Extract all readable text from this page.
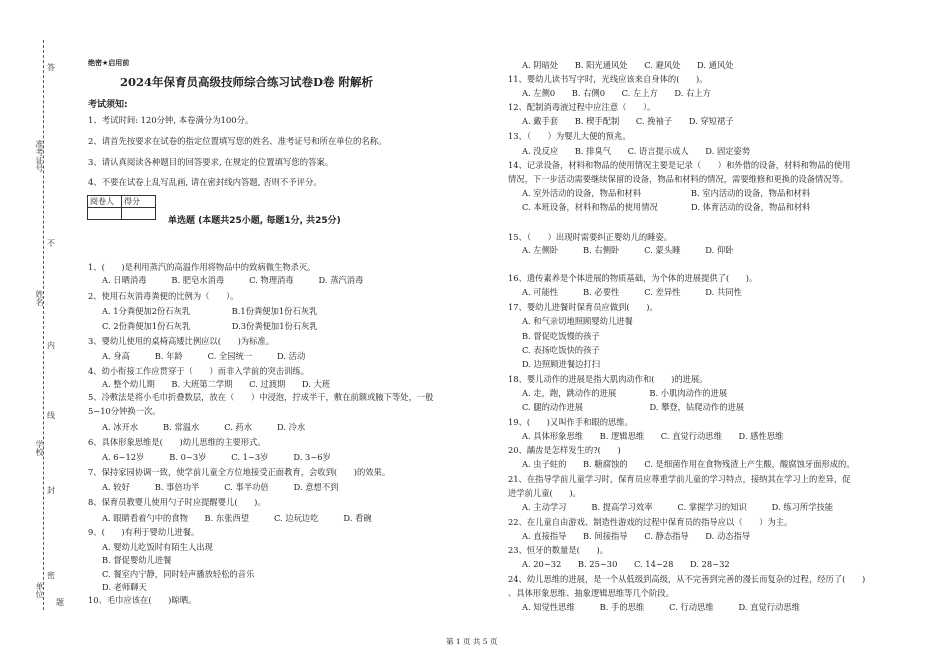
准考证号
姓名
学校
单位
答
不
内
线
封
密
题
绝密★启用前
2024年保育员高级技师综合练习试卷D卷 附解析
考试须知:
1、考试时间: 120分钟, 本卷满分为100分。
2、请首先按要求在试卷的指定位置填写您的姓名、准考证号和所在单位的名称。
3、请认真阅读各种题目的回答要求, 在规定的位置填写您的答案。
4、不要在试卷上乱写乱画, 请在密封线内答题, 否则不予评分。
阅卷人	得分

单选题 (本题共25小题, 每题1分, 共25分)
1、(　　)是利用蒸汽的高温作用将物品中的致病微生物杀灭。
A. 日晒消毒　　　B. 肥皂水消毒　　　C. 物理消毒　　　D. 蒸汽消毒
2、使用石灰消毒粪便的比例为（　　）。
A. 1分粪便加2份石灰乳　　　　　B.1份粪便加1份石灰乳
C. 2份粪便加1份石灰乳　　　　　D.3份粪便加1份石灰乳
3、婴幼儿使用的桌椅高矮比例应以(　　)为标准。
A. 身高　　　B. 年龄　　　C. 全园统一　　　D. 活动
4、幼小衔接工作应贯穿于（　　）而非入学前的突击训练。
A. 整个幼儿期　　B. 大班第二学期　　C. 过渡期　　D. 大班
5、冷敷法是将小毛巾折叠数层，放在（　　）中浸泡，拧成半干，敷在前额或腋下等处，一般
5~10分钟换一次。
A. 冰开水　　　B. 常温水　　　C. 药水　　　D. 冷水
6、具体形象思维是(　　)幼儿思维的主要形式。
A. 6~12岁　　　B. 0~3岁　　　C. 1~3岁　　　D. 3~6岁
7、保持家园协调一致，使学前儿童全方位地接受正面教育，会收到(　　)的效果。
A. 较好　　　B. 事倍功半　　　C. 事半功倍　　　D. 意想不到
8、保育员教婴儿使用勺子时应提醒婴儿(　　)。
A. 眼睛看着勺中的食物　　B. 东张西望　　　C. 边玩边吃　　　D. 看碗
9、(　　)有利于婴幼儿进餐。
A. 婴幼儿吃饭时有陌生人出现
B. 督促婴幼儿进餐
C. 餐室内宁静，同时轻声播放轻松的音乐
D. 老师聊天
10、毛巾应该在(　　)晾晒。
A. 阴暗处　　B. 阳光通风处　　C. 避风处　　D. 通风处
11、婴幼儿读书写字时，光线应该来自身体的(　　)。
A. 左侧0　　B. 右侧0　　C. 左上方　　D. 右上方
12、配制消毒液过程中应注意（　　）。
A. 戴手套　　B. 楔手配制　　C. 挽袖子　　D. 穿短裙子
13、（　　）为婴儿大便的预兆。
A. 没反应　　B. 排臭气　　C. 语言提示成人　　D. 固定姿势
14、记录设备，材料和物品的使用情况主要是记录（　　）和外借的设备，材料和物品的使用
情况，下一步活动需要继续保留的设备，物品和材料的情况，需要维修和更换的设备情况等。
A. 室外活动的设备，物品和材料　　　　　　B. 室内活动的设备，物品和材料
C. 本班设备，材料和物品的使用情况　　　　D. 体育活动的设备，物品和材料
15、（　　）出现时需要纠正婴幼儿的睡姿。
A. 左侧卧　　　B. 右侧卧　　　C. 蒙头睡　　　D. 仰卧
16、遗传素养是个体进展的物质基础，为个体的进展提供了(　　)。
A. 可能性　　　B. 必要性　　　C. 差异性　　　D. 共同性
17、婴幼儿进餐时保育员应做到(　　)。
A. 和气亲切地照顾婴幼儿进餐
B. 督促吃饭慢的孩子
C. 表扬吃饭快的孩子
D. 边照顾进餐边打扫
18、婴儿动作的进展是指大肌肉动作和(　　)的进展。
A. 走，跑，跳动作的进展　　　　B. 小肌肉动作的进展
C. 腿的动作进展　　　　　　　　D. 攀登，钻爬动作的进展
19、(　　)又叫作手和眼的思维。
A. 具体形象思维　　B. 逻辑思维　　C. 直觉行动思维　　D. 感性思维
20、龋齿是怎样发生的?(　　)
A. 虫子蛀的　　B. 糖腐蚀的　　C. 是细菌作用在食物残渣上产生酸，酸腐蚀牙面形成的。
21、在指导学前儿童学习时，保育员应尊重学前儿童的学习特点，接纳其在学习上的差异，促
进学前儿童(　　)。
A. 主动学习　　　B. 提高学习效率　　　C. 掌握学习的知识　　　D. 练习所学技能
22、在儿童自由游戏、制造性游戏的过程中保育员的指导应以（　　）为主。
A. 直接指导　　B. 间接指导　　C. 静态指导　　D. 动态指导
23、恒牙的数量是(　　)。
A. 20~32　　B. 25~30　　C. 14~28　　D. 28~32
24、幼儿思维的进展，是一个从低级到高级，从不完善到完善的漫长而复杂的过程，经历了(　　)
、具体形象思维、抽象逻辑思维等几个阶段。
A. 知觉性思维　　　B. 手的思维　　　C. 行动思维　　　D. 直觉行动思维
第 1 页 共 5 页
